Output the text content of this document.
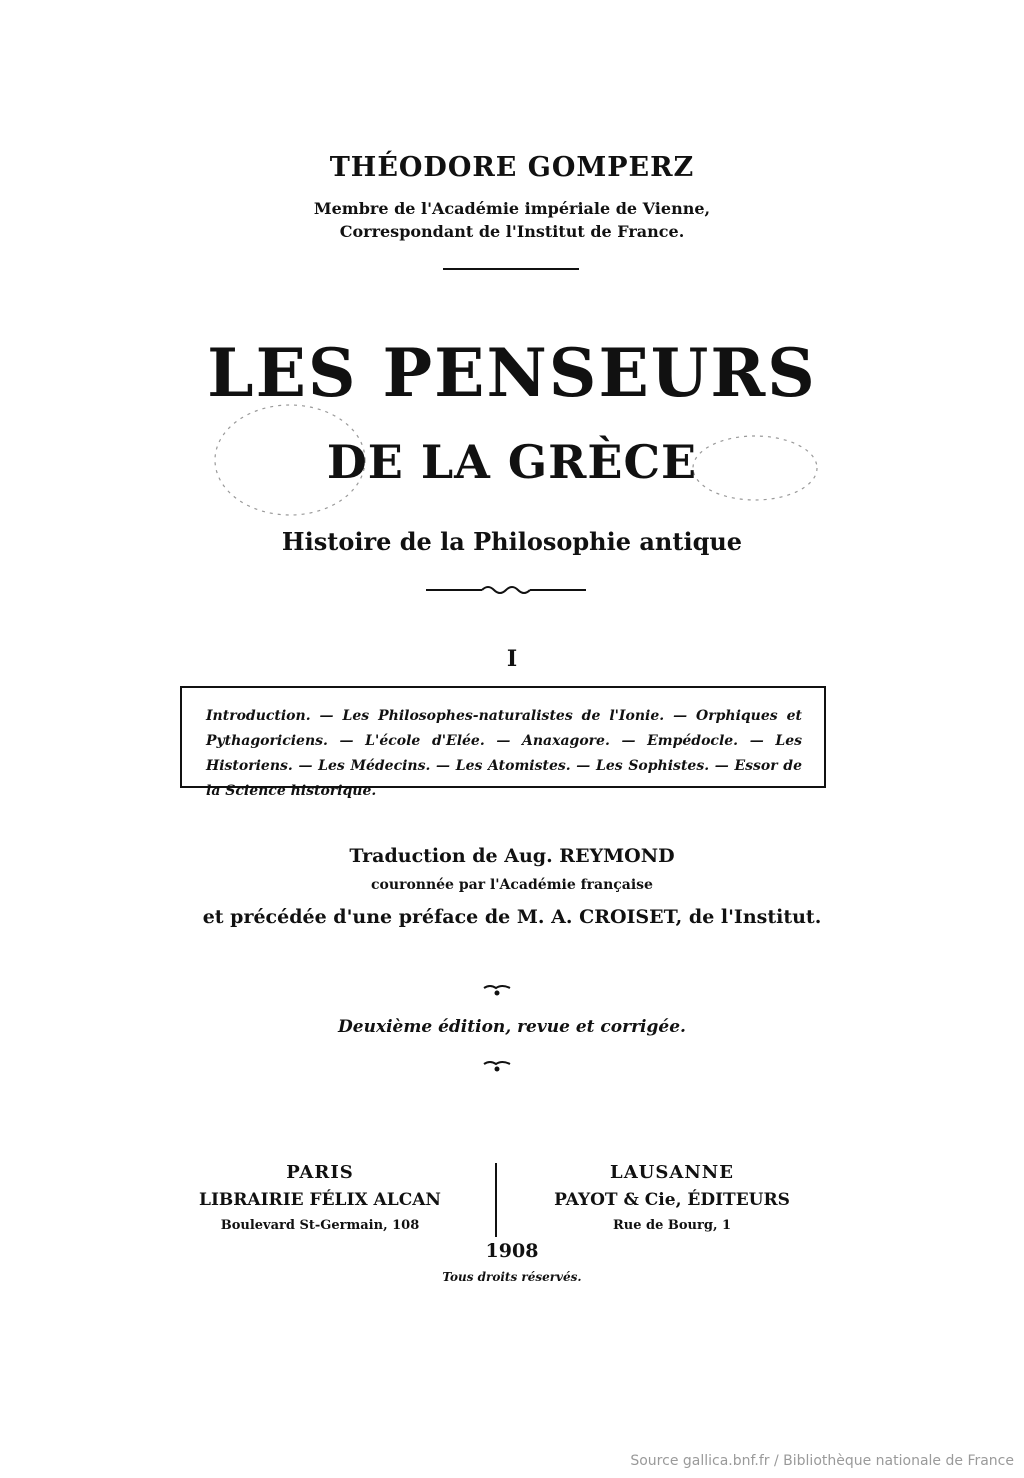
THÉODORE GOMPERZ
Membre de l'Académie impériale de Vienne,
Correspondant de l'Institut de France.
LES PENSEURS
DE LA GRÈCE
Histoire de la Philosophie antique
I
Introduction. — Les Philosophes-naturalistes de l'Ionie. — Orphiques et Pythagoriciens. — L'école d'Elée. — Anaxagore. — Empédocle. — Les Historiens. — Les Médecins. — Les Atomistes. — Les Sophistes. — Essor de la Science historique.
Traduction de Aug. REYMOND
couronnée par l'Académie française
et précédée d'une préface de M. A. CROISET, de l'Institut.
Deuxième édition, revue et corrigée.
PARIS
LIBRAIRIE FÉLIX ALCAN
Boulevard St-Germain, 108
LAUSANNE
PAYOT & Cie, ÉDITEURS
Rue de Bourg, 1
1908
Tous droits réservés.
Source gallica.bnf.fr / Bibliothèque nationale de France
